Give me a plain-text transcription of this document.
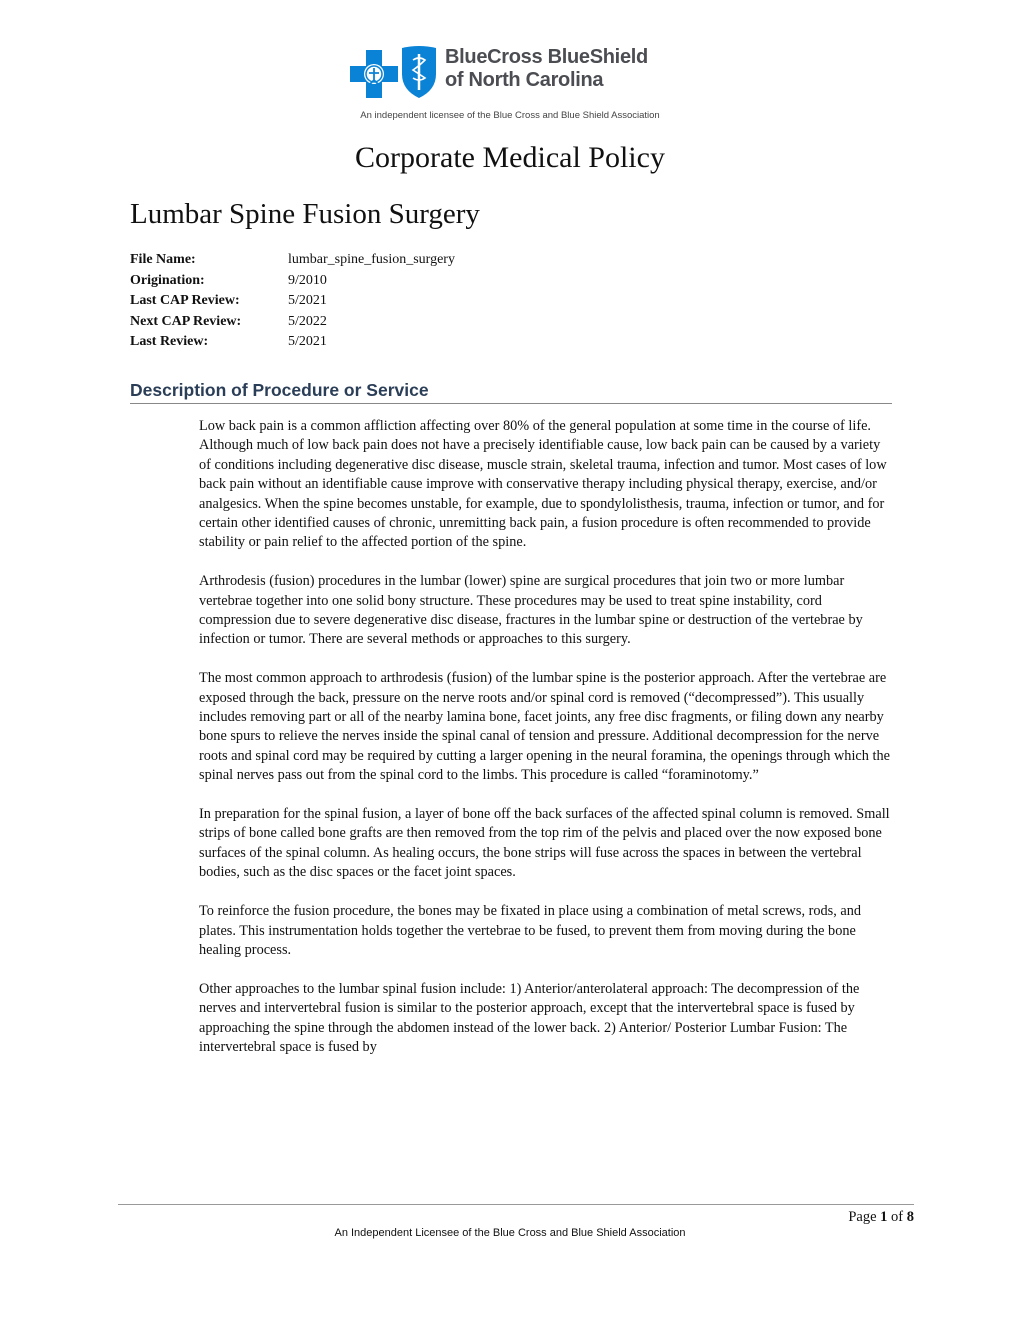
BlueCross BlueShield
of North Carolina
An independent licensee of the Blue Cross and Blue Shield Association
Corporate Medical Policy
Lumbar Spine Fusion Surgery
File Name:	lumbar_spine_fusion_surgery
Origination:	9/2010
Last CAP Review:	5/2021
Next CAP Review:	5/2022
Last Review:	5/2021
Description of Procedure or Service

Low back pain is a common affliction affecting over 80% of the general population at some time in the course of life. Although much of low back pain does not have a precisely identifiable cause, low back pain can be caused by a variety of conditions including degenerative disc disease, muscle strain, skeletal trauma, infection and tumor. Most cases of low back pain without an identifiable cause improve with conservative therapy including physical therapy, exercise, and/or analgesics. When the spine becomes unstable, for example, due to spondylolisthesis, trauma, infection or tumor, and for certain other identified causes of chronic, unremitting back pain, a fusion procedure is often recommended to provide stability or pain relief to the affected portion of the spine.

Arthrodesis (fusion) procedures in the lumbar (lower) spine are surgical procedures that join two or more lumbar vertebrae together into one solid bony structure. These procedures may be used to treat spine instability, cord compression due to severe degenerative disc disease, fractures in the lumbar spine or destruction of the vertebrae by infection or tumor. There are several methods or approaches to this surgery.

The most common approach to arthrodesis (fusion) of the lumbar spine is the posterior approach. After the vertebrae are exposed through the back, pressure on the nerve roots and/or spinal cord is removed (“decompressed”). This usually includes removing part or all of the nearby lamina bone, facet joints, any free disc fragments, or filing down any nearby bone spurs to relieve the nerves inside the spinal canal of tension and pressure. Additional decompression for the nerve roots and spinal cord may be required by cutting a larger opening in the neural foramina, the openings through which the spinal nerves pass out from the spinal cord to the limbs. This procedure is called “foraminotomy.”

In preparation for the spinal fusion, a layer of bone off the back surfaces of the affected spinal column is removed. Small strips of bone called bone grafts are then removed from the top rim of the pelvis and placed over the now exposed bone surfaces of the spinal column. As healing occurs, the bone strips will fuse across the spaces in between the vertebral bodies, such as the disc spaces or the facet joint spaces.

To reinforce the fusion procedure, the bones may be fixated in place using a combination of metal screws, rods, and plates. This instrumentation holds together the vertebrae to be fused, to prevent them from moving during the bone healing process.

Other approaches to the lumbar spinal fusion include: 1) Anterior/anterolateral approach: The decompression of the nerves and intervertebral fusion is similar to the posterior approach, except that the intervertebral space is fused by approaching the spine through the abdomen instead of the lower back. 2) Anterior/ Posterior Lumbar Fusion: The intervertebral space is fused by

Page 1 of 8
An Independent Licensee of the Blue Cross and Blue Shield Association
